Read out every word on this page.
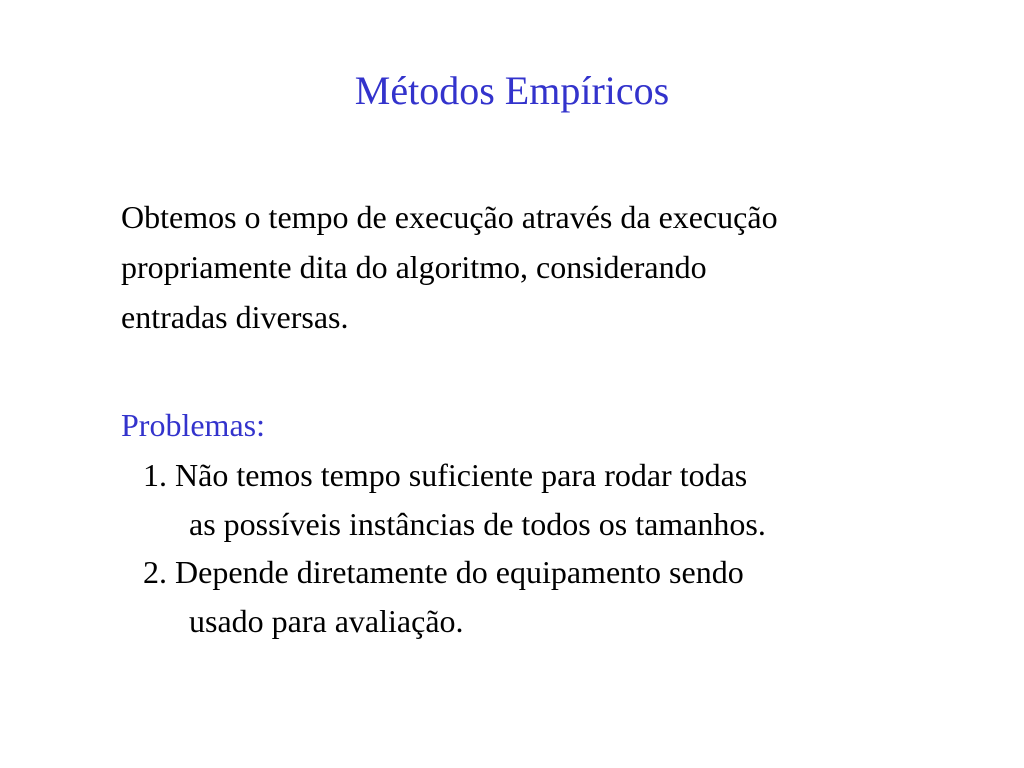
Métodos Empíricos
Obtemos o tempo de execução através da execução
propriamente dita do algoritmo, considerando
entradas diversas.
Problemas:
1. Não temos tempo suficiente para rodar todas
as possíveis instâncias de todos os tamanhos.
2. Depende diretamente do equipamento sendo
usado para avaliação.
